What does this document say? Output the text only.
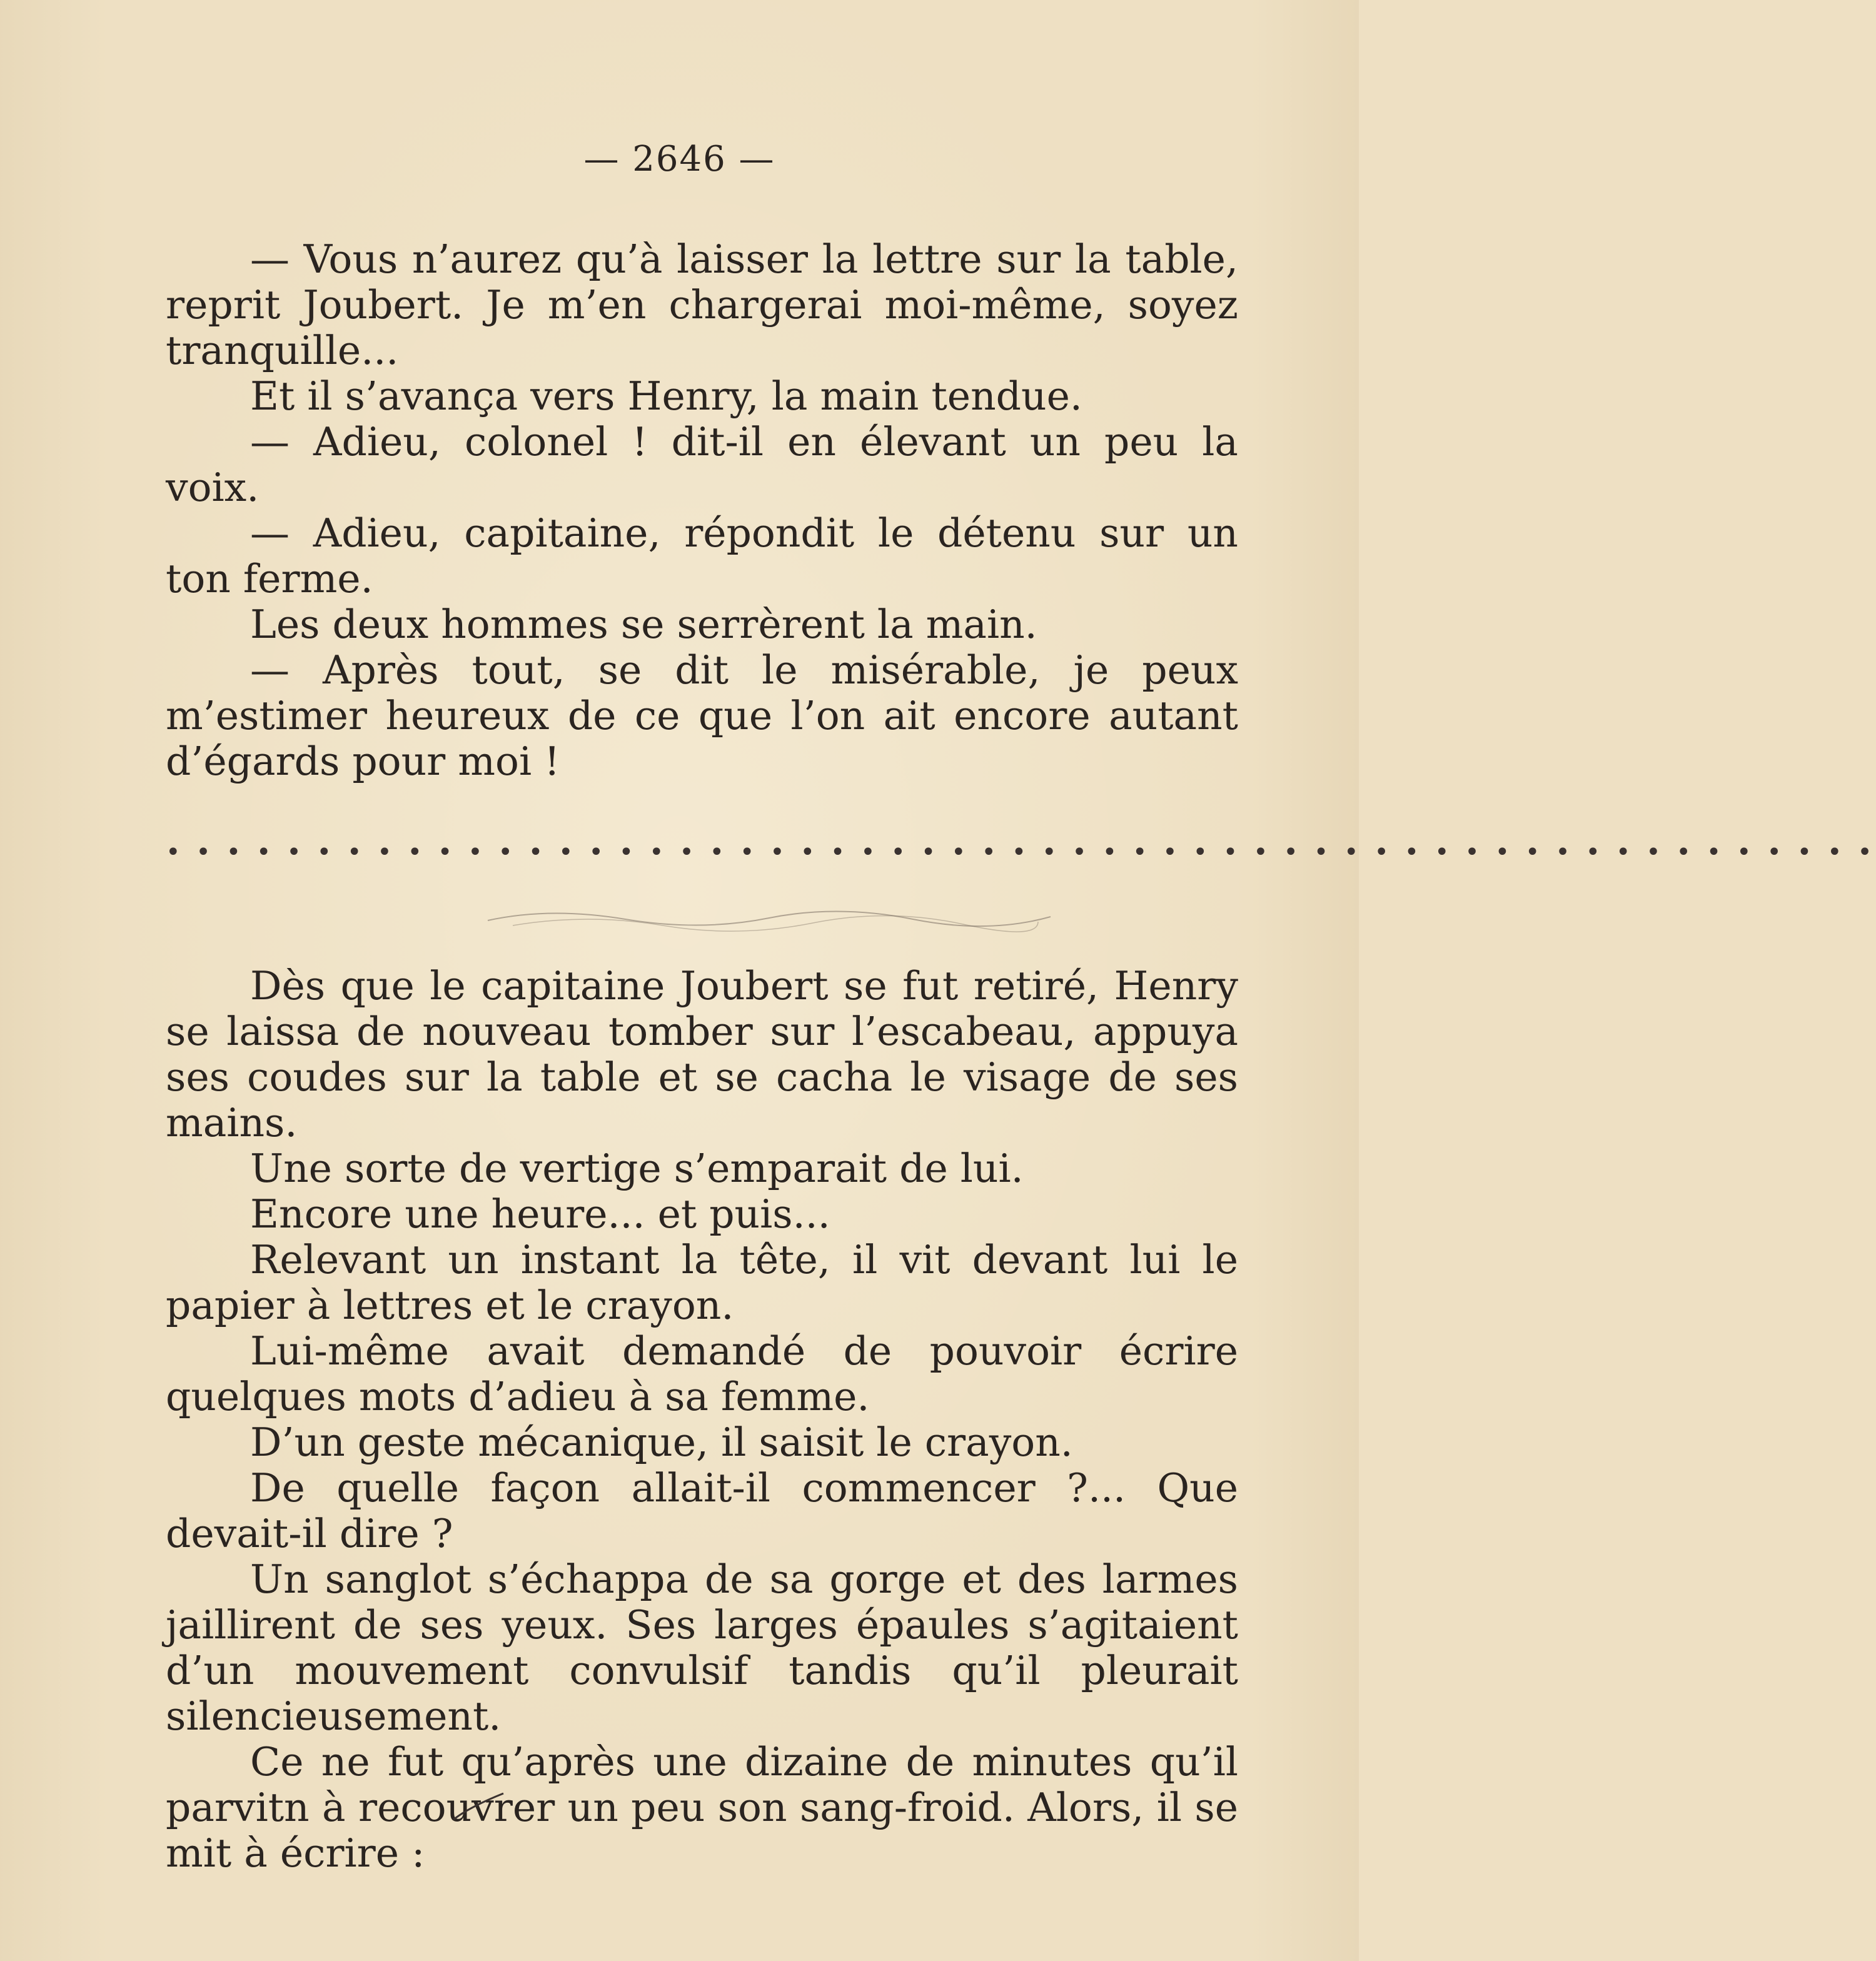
— 2646 —

— Vous n’aurez qu’à laisser la lettre sur la table, reprit Joubert. Je m’en chargerai moi-même, soyez tranquille...

Et il s’avança vers Henry, la main tendue.

— Adieu, colonel ! dit-il en élevant un peu la voix.

— Adieu, capitaine, répondit le détenu sur un ton ferme.

Les deux hommes se serrèrent la main.

— Après tout, se dit le misérable, je peux m’estimer heureux de ce que l’on ait encore autant d’égards pour moi !

• • • • • • • • • • • • • • • • • • • • • • • • • • • • • • • • • • • • • • • • • • • • • • • • • • • • • • • • •

Dès que le capitaine Joubert se fut retiré, Henry se laissa de nouveau tomber sur l’escabeau, appuya ses coudes sur la table et se cacha le visage de ses mains.

Une sorte de vertige s’emparait de lui.

Encore une heure... et puis...

Relevant un instant la tête, il vit devant lui le papier à lettres et le crayon.

Lui-même avait demandé de pouvoir écrire quelques mots d’adieu à sa femme.

D’un geste mécanique, il saisit le crayon.

De quelle façon allait-il commencer ?... Que devait-il dire ?

Un sanglot s’échappa de sa gorge et des larmes jaillirent de ses yeux. Ses larges épaules s’agitaient d’un mouvement convulsif tandis qu’il pleurait silencieusement.

Ce ne fut qu’après une dizaine de minutes qu’il parvitn à recouvrer un peu son sang-froid. Alors, il se mit à écrire :
